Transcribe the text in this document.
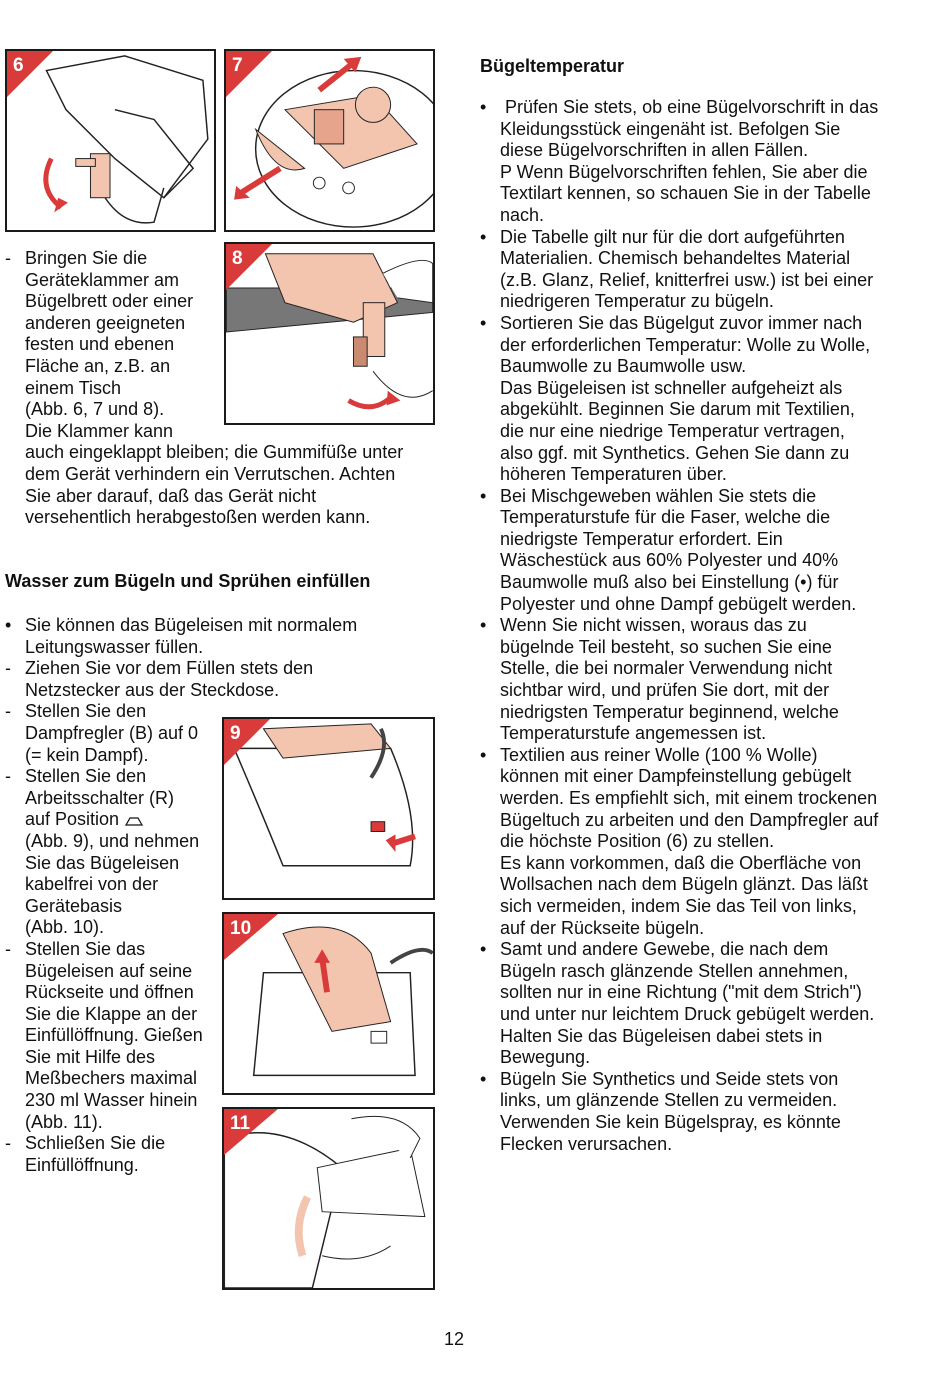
6	7
8
9
10
11
- Bringen Sie die
Geräteklammer am
Bügelbrett oder einer
anderen geeigneten
festen und ebenen
Fläche an, z.B. an
einem Tisch
(Abb. 6, 7 und 8).
Die Klammer kann
auch eingeklappt bleiben; die Gummifüße unter
dem Gerät verhindern ein Verrutschen. Achten
Sie aber darauf, daß das Gerät nicht
versehentlich herabgestoßen werden kann.
Wasser zum Bügeln und Sprühen einfüllen
• Sie können das Bügeleisen mit normalem
Leitungswasser füllen.
- Ziehen Sie vor dem Füllen stets den
Netzstecker aus der Steckdose.
- Stellen Sie den
Dampfregler (B) auf 0
(= kein Dampf).
- Stellen Sie den
Arbeitsschalter (R)
auf Position
(Abb. 9), und nehmen
Sie das Bügeleisen
kabelfrei von der
Gerätebasis
(Abb. 10).
- Stellen Sie das
Bügeleisen auf seine
Rückseite und öffnen
Sie die Klappe an der
Einfüllöffnung. Gießen
Sie mit Hilfe des
Meßbechers maximal
230 ml Wasser hinein
(Abb. 11).
- Schließen Sie die
Einfüllöffnung.
Bügeltemperatur
• Prüfen Sie stets, ob eine Bügelvorschrift in das
Kleidungsstück eingenäht ist. Befolgen Sie
diese Bügelvorschriften in allen Fällen.
P Wenn Bügelvorschriften fehlen, Sie aber die
Textilart kennen, so schauen Sie in der Tabelle
nach.
• Die Tabelle gilt nur für die dort aufgeführten
Materialien. Chemisch behandeltes Material
(z.B. Glanz, Relief, knitterfrei usw.) ist bei einer
niedrigeren Temperatur zu bügeln.
• Sortieren Sie das Bügelgut zuvor immer nach
der erforderlichen Temperatur: Wolle zu Wolle,
Baumwolle zu Baumwolle usw.
Das Bügeleisen ist schneller aufgeheizt als
abgekühlt. Beginnen Sie darum mit Textilien,
die nur eine niedrige Temperatur vertragen,
also ggf. mit Synthetics. Gehen Sie dann zu
höheren Temperaturen über.
• Bei Mischgeweben wählen Sie stets die
Temperaturstufe für die Faser, welche die
niedrigste Temperatur erfordert. Ein
Wäschestück aus 60% Polyester und 40%
Baumwolle muß also bei Einstellung (•) für
Polyester und ohne Dampf gebügelt werden.
• Wenn Sie nicht wissen, woraus das zu
bügelnde Teil besteht, so suchen Sie eine
Stelle, die bei normaler Verwendung nicht
sichtbar wird, und prüfen Sie dort, mit der
niedrigsten Temperatur beginnend, welche
Temperaturstufe angemessen ist.
• Textilien aus reiner Wolle (100 % Wolle)
können mit einer Dampfeinstellung gebügelt
werden. Es empfiehlt sich, mit einem trockenen
Bügeltuch zu arbeiten und den Dampfregler auf
die höchste Position (6) zu stellen.
Es kann vorkommen, daß die Oberfläche von
Wollsachen nach dem Bügeln glänzt. Das läßt
sich vermeiden, indem Sie das Teil von links,
auf der Rückseite bügeln.
• Samt und andere Gewebe, die nach dem
Bügeln rasch glänzende Stellen annehmen,
sollten nur in eine Richtung ("mit dem Strich")
und unter nur leichtem Druck gebügelt werden.
Halten Sie das Bügeleisen dabei stets in
Bewegung.
• Bügeln Sie Synthetics und Seide stets von
links, um glänzende Stellen zu vermeiden.
Verwenden Sie kein Bügelspray, es könnte
Flecken verursachen.
12
